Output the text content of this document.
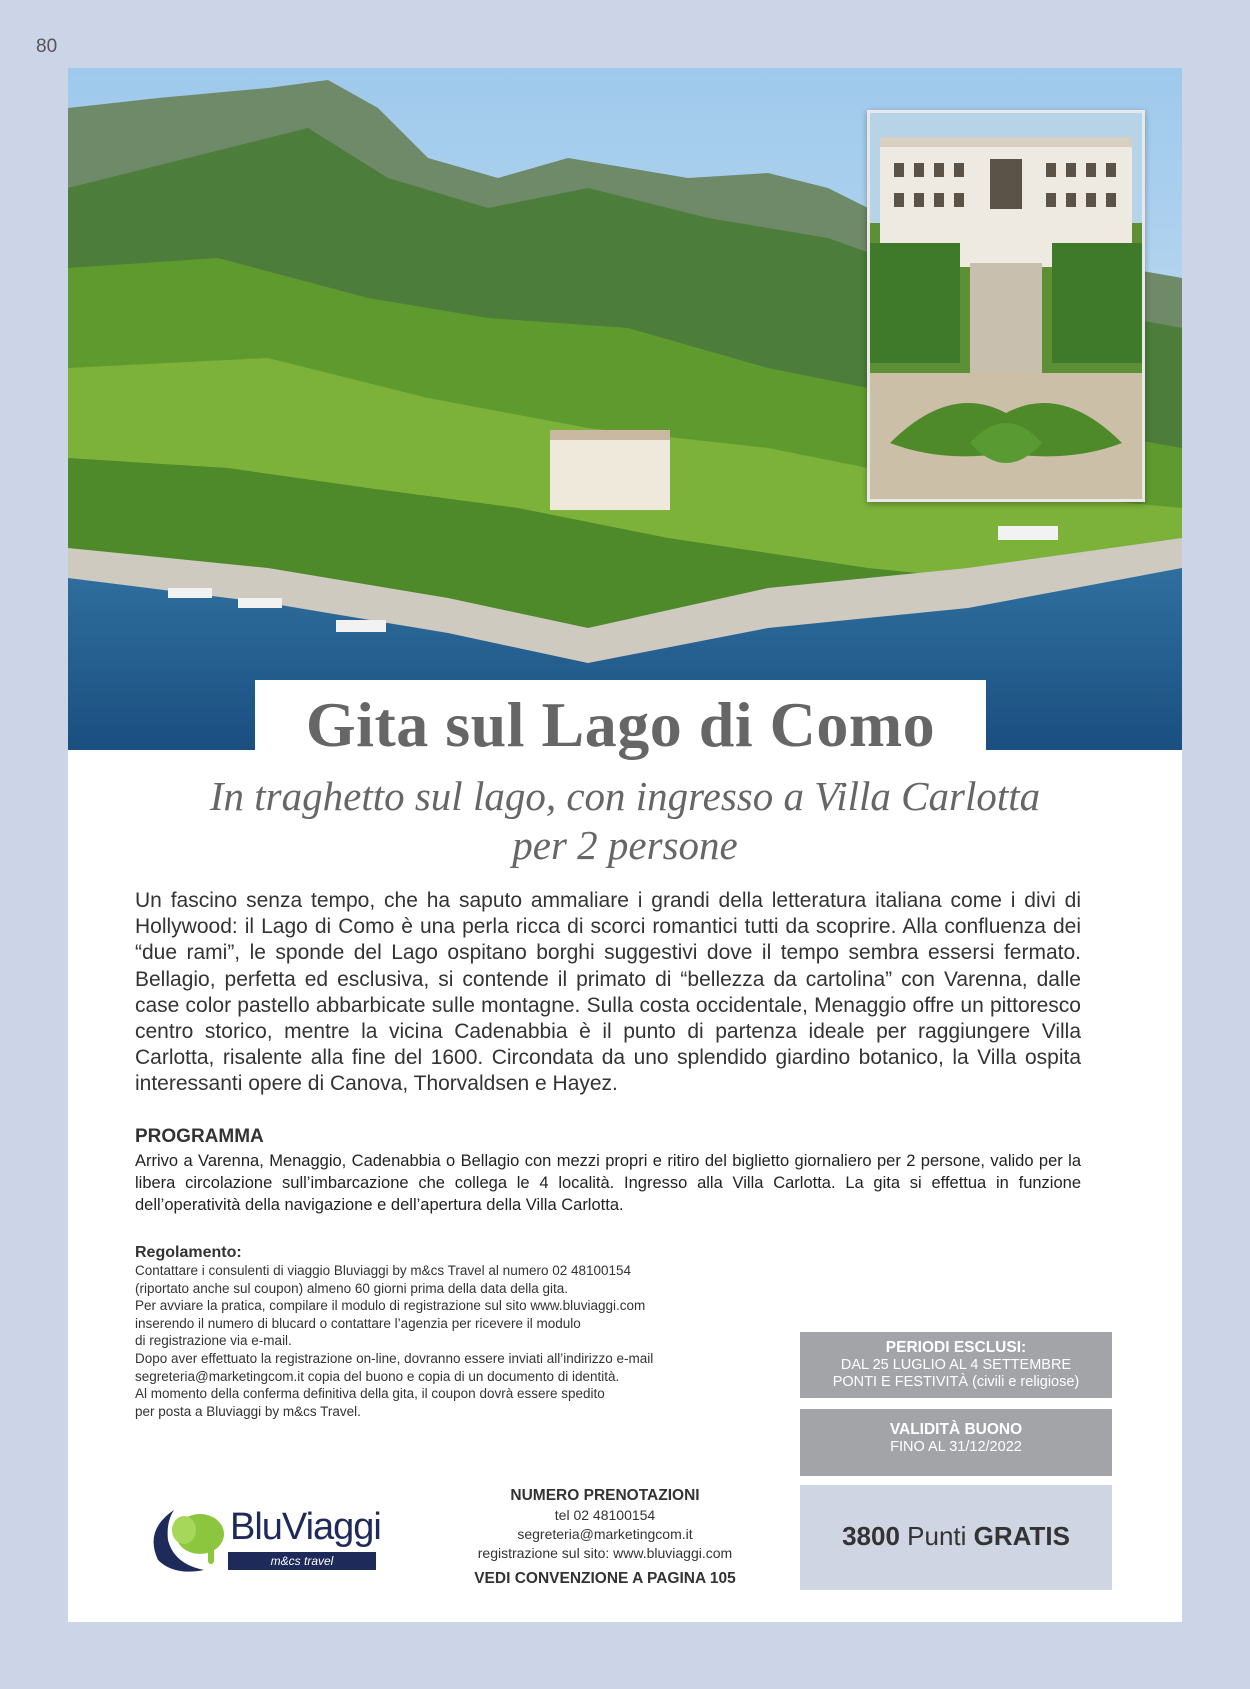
80
Gita sul Lago di Como
In traghetto sul lago, con ingresso a Villa Carlotta
per 2 persone
Un fascino senza tempo, che ha saputo ammaliare i grandi della letteratura italiana come i divi di Hollywood: il Lago di Como è una perla ricca di scorci romantici tutti da scoprire. Alla confluenza dei “due rami”, le sponde del Lago ospitano borghi suggestivi dove il tempo sembra essersi fermato. Bellagio, perfetta ed esclusiva, si contende il primato di “bellezza da cartolina” con Varenna, dalle case color pastello abbarbicate sulle montagne. Sulla costa occidentale, Menaggio offre un pittoresco centro storico, mentre la vicina Cadenabbia è il punto di partenza ideale per raggiungere Villa Carlotta, risalente alla fine del 1600. Circondata da uno splendido giardino botanico, la Villa ospita interessanti opere di Canova, Thorvaldsen e Hayez.
PROGRAMMA
Arrivo a Varenna, Menaggio, Cadenabbia o Bellagio con mezzi propri e ritiro del biglietto giornaliero per 2 persone, valido per la libera circolazione sull’imbarcazione che collega le 4 località. Ingresso alla Villa Carlotta. La gita si effettua in funzione dell’operatività della navigazione e dell’apertura della Villa Carlotta.
Regolamento:
Contattare i consulenti di viaggio Bluviaggi by m&cs Travel al numero 02 48100154
(riportato anche sul coupon) almeno 60 giorni prima della data della gita.
Per avviare la pratica, compilare il modulo di registrazione sul sito www.bluviaggi.com
inserendo il numero di blucard o contattare l’agenzia per ricevere il modulo
di registrazione via e-mail.
Dopo aver effettuato la registrazione on-line, dovranno essere inviati all’indirizzo e-mail
segreteria@marketingcom.it copia del buono e copia di un documento di identità.
Al momento della conferma definitiva della gita, il coupon dovrà essere spedito
per posta a Bluviaggi by m&cs Travel.
PERIODI ESCLUSI:
DAL 25 LUGLIO AL 4 SETTEMBRE
PONTI E FESTIVITÀ (civili e religiose)
VALIDITÀ BUONO
FINO AL 31/12/2022
3800 Punti GRATIS
BluViaggi
m&cs travel
NUMERO PRENOTAZIONI
tel 02 48100154
segreteria@marketingcom.it
registrazione sul sito: www.bluviaggi.com
VEDI CONVENZIONE A PAGINA 105
